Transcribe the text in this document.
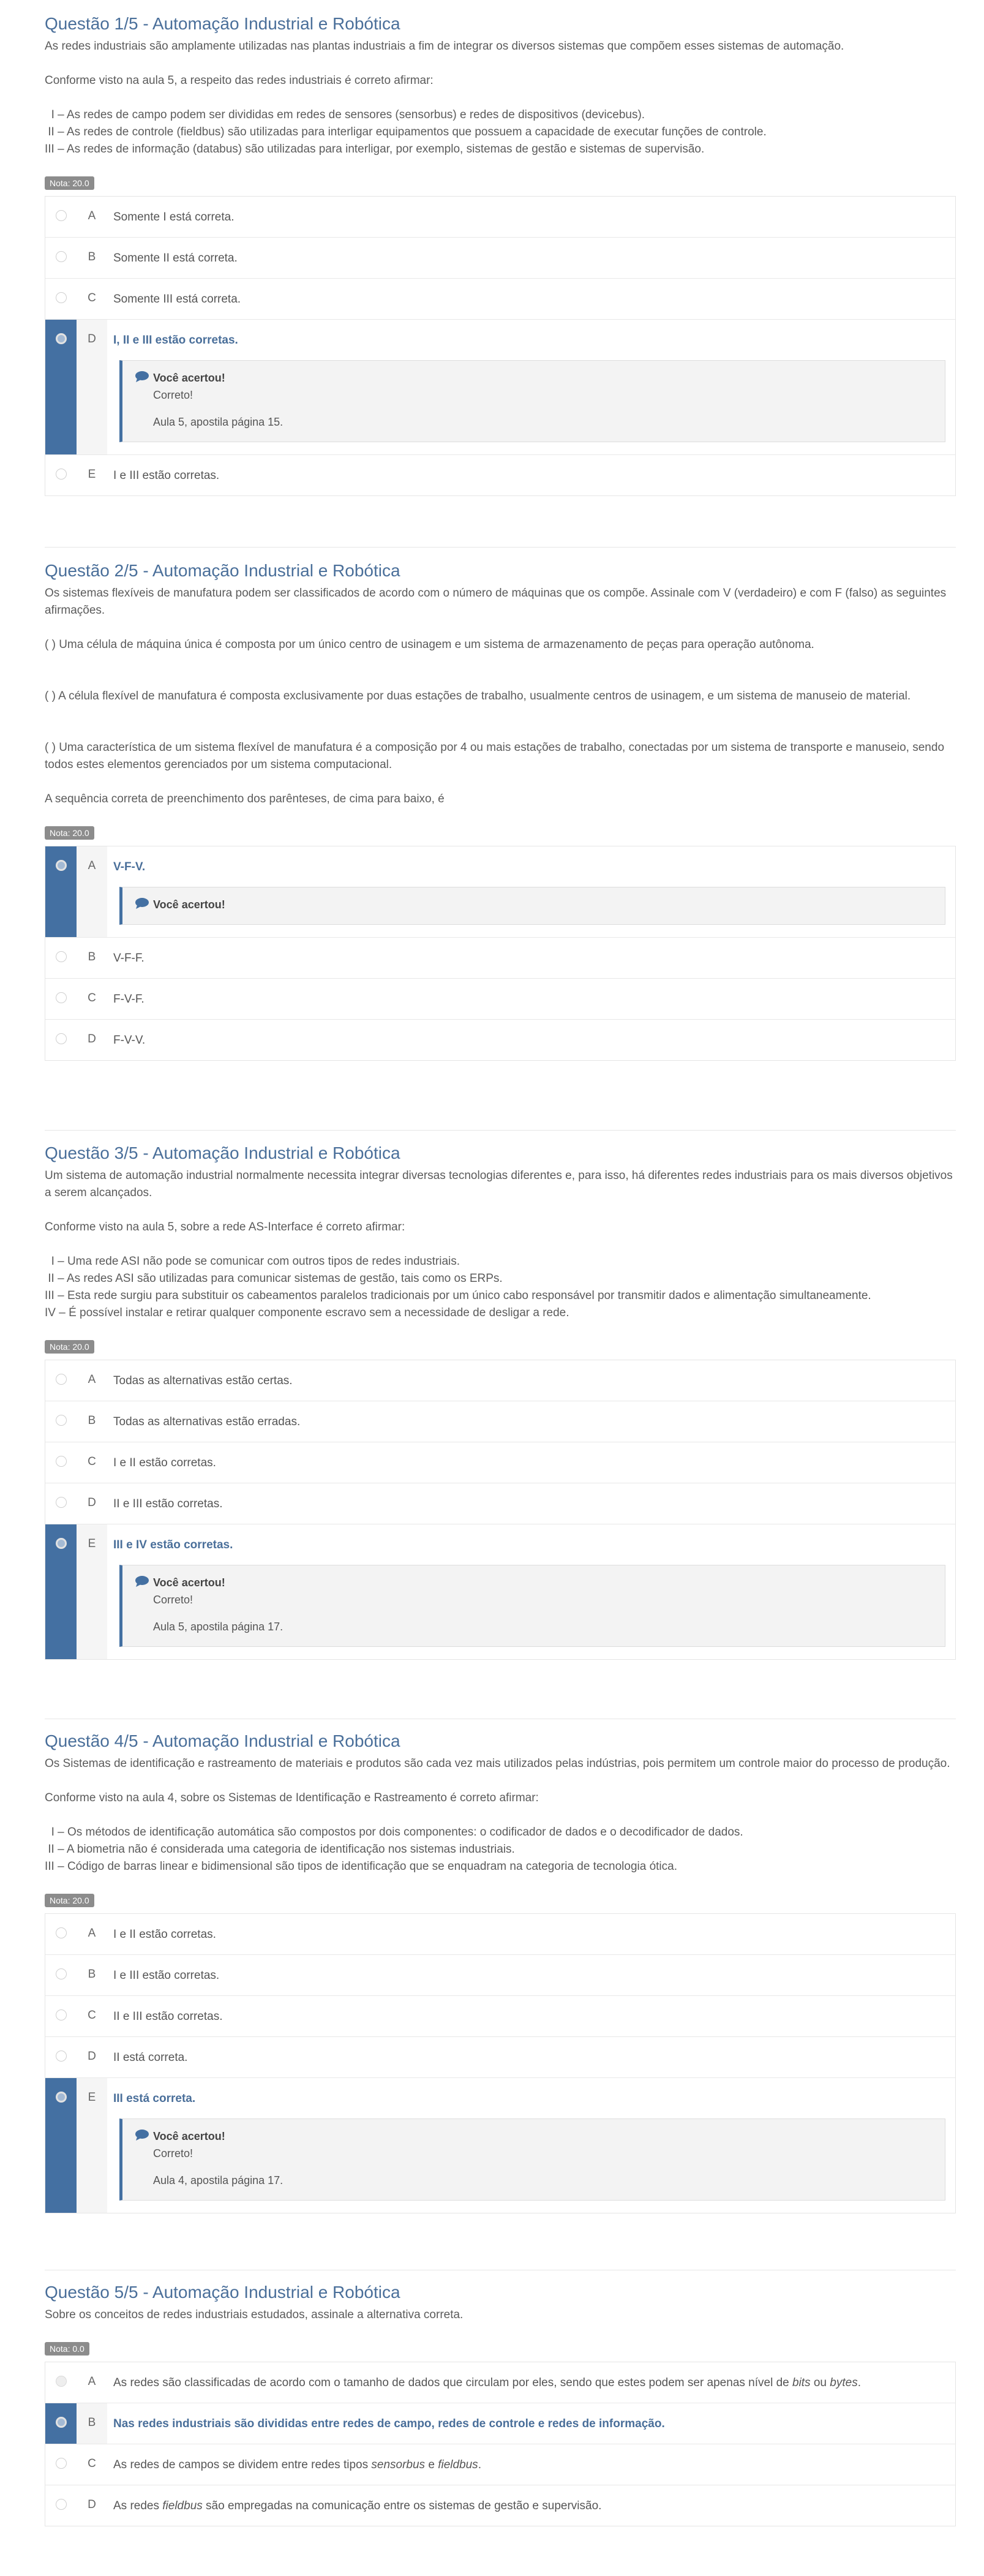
Questão 1/5 - Automação Industrial e Robótica

As redes industriais são amplamente utilizadas nas plantas industriais a fim de integrar os diversos sistemas que compõem esses sistemas de automação.

Conforme visto na aula 5, a respeito das redes industriais é correto afirmar:

I – As redes de campo podem ser divididas em redes de sensores (sensorbus) e redes de dispositivos (devicebus).

II – As redes de controle (fieldbus) são utilizadas para interligar equipamentos que possuem a capacidade de executar funções de controle.

III – As redes de informação (databus) são utilizadas para interligar, por exemplo, sistemas de gestão e sistemas de supervisão.

Nota: 20.0
A	Somente I está correta.
B	Somente II está correta.
C	Somente III está correta.
D	I, II e III estão corretas.
Você acertou!
Correto!
Aula 5, apostila página 15.
E	I e III estão corretas.
Questão 2/5 - Automação Industrial e Robótica

Os sistemas flexíveis de manufatura podem ser classificados de acordo com o número de máquinas que os compõe. Assinale com V (verdadeiro) e com F (falso) as seguintes afirmações.

( ) Uma célula de máquina única é composta por um único centro de usinagem e um sistema de armazenamento de peças para operação autônoma.

( ) A célula flexível de manufatura é composta exclusivamente por duas estações de trabalho, usualmente centros de usinagem, e um sistema de manuseio de material.

( ) Uma característica de um sistema flexível de manufatura é a composição por 4 ou mais estações de trabalho, conectadas por um sistema de transporte e manuseio, sendo todos estes elementos gerenciados por um sistema computacional.

A sequência correta de preenchimento dos parênteses, de cima para baixo, é

Nota: 20.0
A	V-F-V.
Você acertou!
B	V-F-F.
C	F-V-F.
D	F-V-V.
Questão 3/5 - Automação Industrial e Robótica

Um sistema de automação industrial normalmente necessita integrar diversas tecnologias diferentes e, para isso, há diferentes redes industriais para os mais diversos objetivos a serem alcançados.

Conforme visto na aula 5, sobre a rede AS-Interface é correto afirmar:

I – Uma rede ASI não pode se comunicar com outros tipos de redes industriais.

II – As redes ASI são utilizadas para comunicar sistemas de gestão, tais como os ERPs.

III – Esta rede surgiu para substituir os cabeamentos paralelos tradicionais por um único cabo responsável por transmitir dados e alimentação simultaneamente.

IV – É possível instalar e retirar qualquer componente escravo sem a necessidade de desligar a rede.

Nota: 20.0
A	Todas as alternativas estão certas.
B	Todas as alternativas estão erradas.
C	I e II estão corretas.
D	II e III estão corretas.
E	III e IV estão corretas.
Você acertou!
Correto!
Aula 5, apostila página 17.
Questão 4/5 - Automação Industrial e Robótica

Os Sistemas de identificação e rastreamento de materiais e produtos são cada vez mais utilizados pelas indústrias, pois permitem um controle maior do processo de produção.

Conforme visto na aula 4, sobre os Sistemas de Identificação e Rastreamento é correto afirmar:

I – Os métodos de identificação automática são compostos por dois componentes: o codificador de dados e o decodificador de dados.

II – A biometria não é considerada uma categoria de identificação nos sistemas industriais.

III – Código de barras linear e bidimensional são tipos de identificação que se enquadram na categoria de tecnologia ótica.

Nota: 20.0
A	I e II estão corretas.
B	I e III estão corretas.
C	II e III estão corretas.
D	II está correta.
E	III está correta.
Você acertou!
Correto!
Aula 4, apostila página 17.
Questão 5/5 - Automação Industrial e Robótica

Sobre os conceitos de redes industriais estudados, assinale a alternativa correta.

Nota: 0.0
A	As redes são classificadas de acordo com o tamanho de dados que circulam por eles, sendo que estes podem ser apenas nível de bits ou bytes.
B	Nas redes industriais são divididas entre redes de campo, redes de controle e redes de informação.
C	As redes de campos se dividem entre redes tipos sensorbus e fieldbus.
D	As redes fieldbus são empregadas na comunicação entre os sistemas de gestão e supervisão.
